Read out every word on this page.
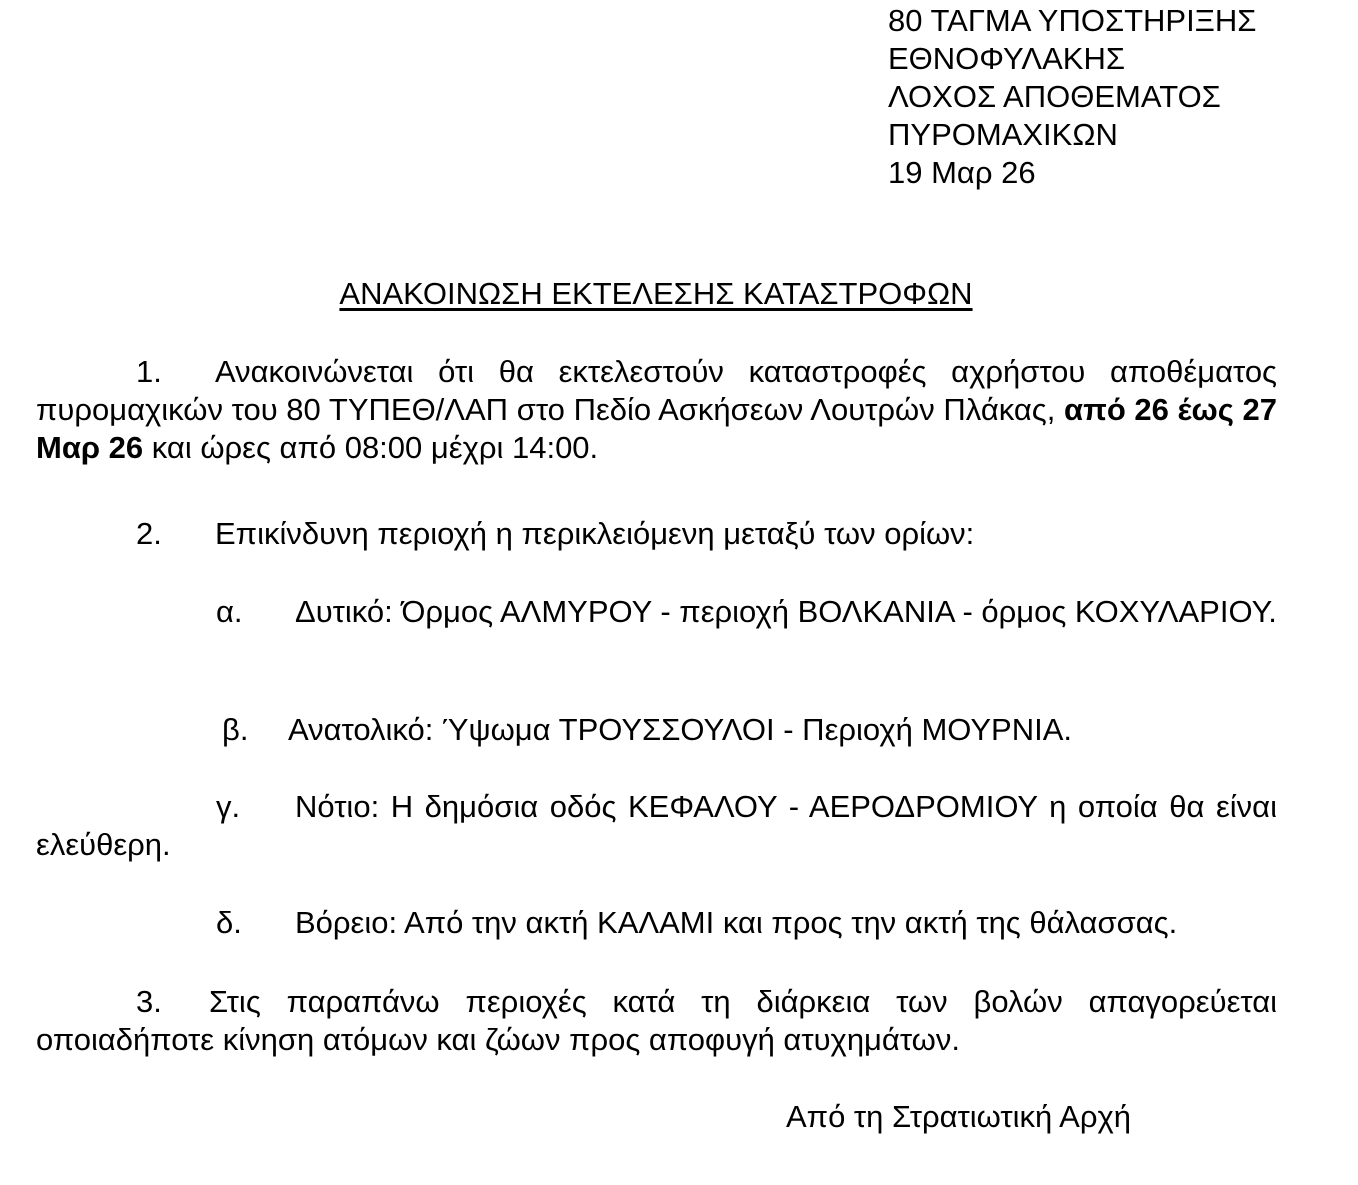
80 ΤΑΓΜΑ ΥΠΟΣΤΗΡΙΞΗΣ
ΕΘΝΟΦΥΛΑΚΗΣ
ΛΟΧΟΣ ΑΠΟΘΕΜΑΤΟΣ
ΠΥΡΟΜΑΧΙΚΩΝ
19 Μαρ 26
ΑΝΑΚΟΙΝΩΣΗ ΕΚΤΕΛΕΣΗΣ ΚΑΤΑΣΤΡΟΦΩΝ
1. Ανακοινώνεται ότι θα εκτελεστούν καταστροφές αχρήστου αποθέματος πυρομαχικών του 80 ΤΥΠΕΘ/ΛΑΠ στο Πεδίο Ασκήσεων Λουτρών Πλάκας, από 26 έως 27 Μαρ 26 και ώρες από 08:00 μέχρι 14:00.
2. Επικίνδυνη περιοχή η περικλειόμενη μεταξύ των ορίων:
α. Δυτικό: Όρμος ΑΛΜΥΡΟΥ - περιοχή ΒΟΛΚΑΝΙΑ - όρμος ΚΟΧΥΛΑΡΙΟΥ.
β. Ανατολικό: Ύψωμα ΤΡΟΥΣΣΟΥΛΟΙ - Περιοχή ΜΟΥΡΝΙΑ.
γ. Νότιο: Η δημόσια οδός ΚΕΦΑΛΟΥ - ΑΕΡΟΔΡΟΜΙΟΥ η οποία θα είναι ελεύθερη.
δ. Βόρειο: Από την ακτή ΚΑΛΑΜΙ και προς την ακτή της θάλασσας.
3. Στις παραπάνω περιοχές κατά τη διάρκεια των βολών απαγορεύεται οποιαδήποτε κίνηση ατόμων και ζώων προς αποφυγή ατυχημάτων.
Από τη Στρατιωτική Αρχή
